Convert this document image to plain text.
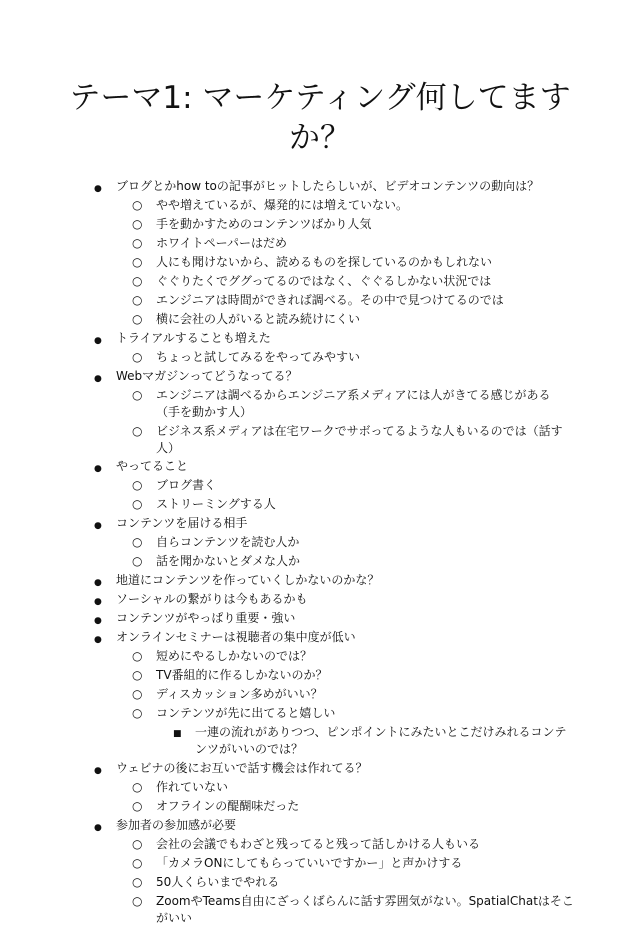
テーマ1: マーケティング何してます
か？
● ブログとかhow toの記事がヒットしたらしいが、ビデオコンテンツの動向は？
○ やや増えているが、爆発的には増えていない。
○ 手を動かすためのコンテンツばかり人気
○ ホワイトペーパーはだめ
○ 人にも聞けないから、読めるものを探しているのかもしれない
○ ぐぐりたくでググってるのではなく、ぐぐるしかない状況では
○ エンジニアは時間ができれば調べる。その中で見つけてるのでは
○ 横に会社の人がいると読み続けにくい
● トライアルすることも増えた
○ ちょっと試してみるをやってみやすい
● Webマガジンってどうなってる？
○ エンジニアは調べるからエンジニア系メディアには人がきてる感じがある
（手を動かす人）
○ ビジネス系メディアは在宅ワークでサボってるような人もいるのでは（話す
人）
● やってること
○ ブログ書く
○ ストリーミングする人
● コンテンツを届ける相手
○ 自らコンテンツを読む人か
○ 話を聞かないとダメな人か
● 地道にコンテンツを作っていくしかないのかな？
● ソーシャルの繋がりは今もあるかも
● コンテンツがやっぱり重要・強い
● オンラインセミナーは視聴者の集中度が低い
○ 短めにやるしかないのでは？
○ TV番組的に作るしかないのか？
○ ディスカッション多めがいい？
○ コンテンツが先に出てると嬉しい
■ 一連の流れがありつつ、ピンポイントにみたいとこだけみれるコンテ
ンツがいいのでは？
● ウェビナの後にお互いで話す機会は作れてる？
○ 作れていない
○ オフラインの醍醐味だった
● 参加者の参加感が必要
○ 会社の会議でもわざと残ってると残って話しかける人もいる
○ 「カメラONにしてもらっていいですかー」と声かけする
○ 50人くらいまでやれる
○ ZoomやTeams自由にざっくばらんに話す雰囲気がない。SpatialChatはそこ
がいい
